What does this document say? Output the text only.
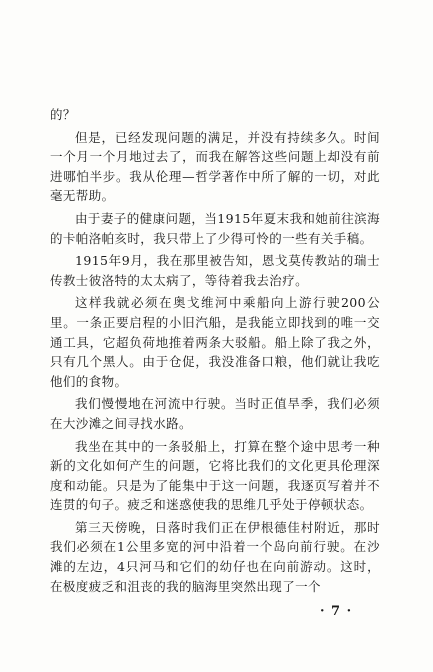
的？

但是，已经发现问题的满足，并没有持续多久。时间一个月一个月地过去了，而我在解答这些问题上却没有前进哪怕半步。我从伦理—哲学著作中所了解的一切，对此毫无帮助。

由于妻子的健康问题，当1915年夏末我和她前往滨海的卡帕洛帕亥时，我只带上了少得可怜的一些有关手稿。

1915年9月，我在那里被告知，恩戈莫传教站的瑞士传教士彼洛特的太太病了，等待着我去治疗。

这样我就必须在奥戈维河中乘船向上游行驶200公里。一条正要启程的小旧汽船，是我能立即找到的唯一交通工具，它超负荷地推着两条大驳船。船上除了我之外，只有几个黑人。由于仓促，我没准备口粮，他们就让我吃他们的食物。

我们慢慢地在河流中行驶。当时正值旱季，我们必须在大沙滩之间寻找水路。

我坐在其中的一条驳船上，打算在整个途中思考一种新的文化如何产生的问题，它将比我们的文化更具伦理深度和动能。只是为了能集中于这一问题，我逐页写着并不连贯的句子。疲乏和迷惑使我的思维几乎处于停顿状态。

第三天傍晚，日落时我们正在伊根德佳村附近，那时我们必须在1公里多宽的河中沿着一个岛向前行驶。在沙滩的左边，4只河马和它们的幼仔也在向前游动。这时，在极度疲乏和沮丧的我的脑海里突然出现了一个

· 7 ·
